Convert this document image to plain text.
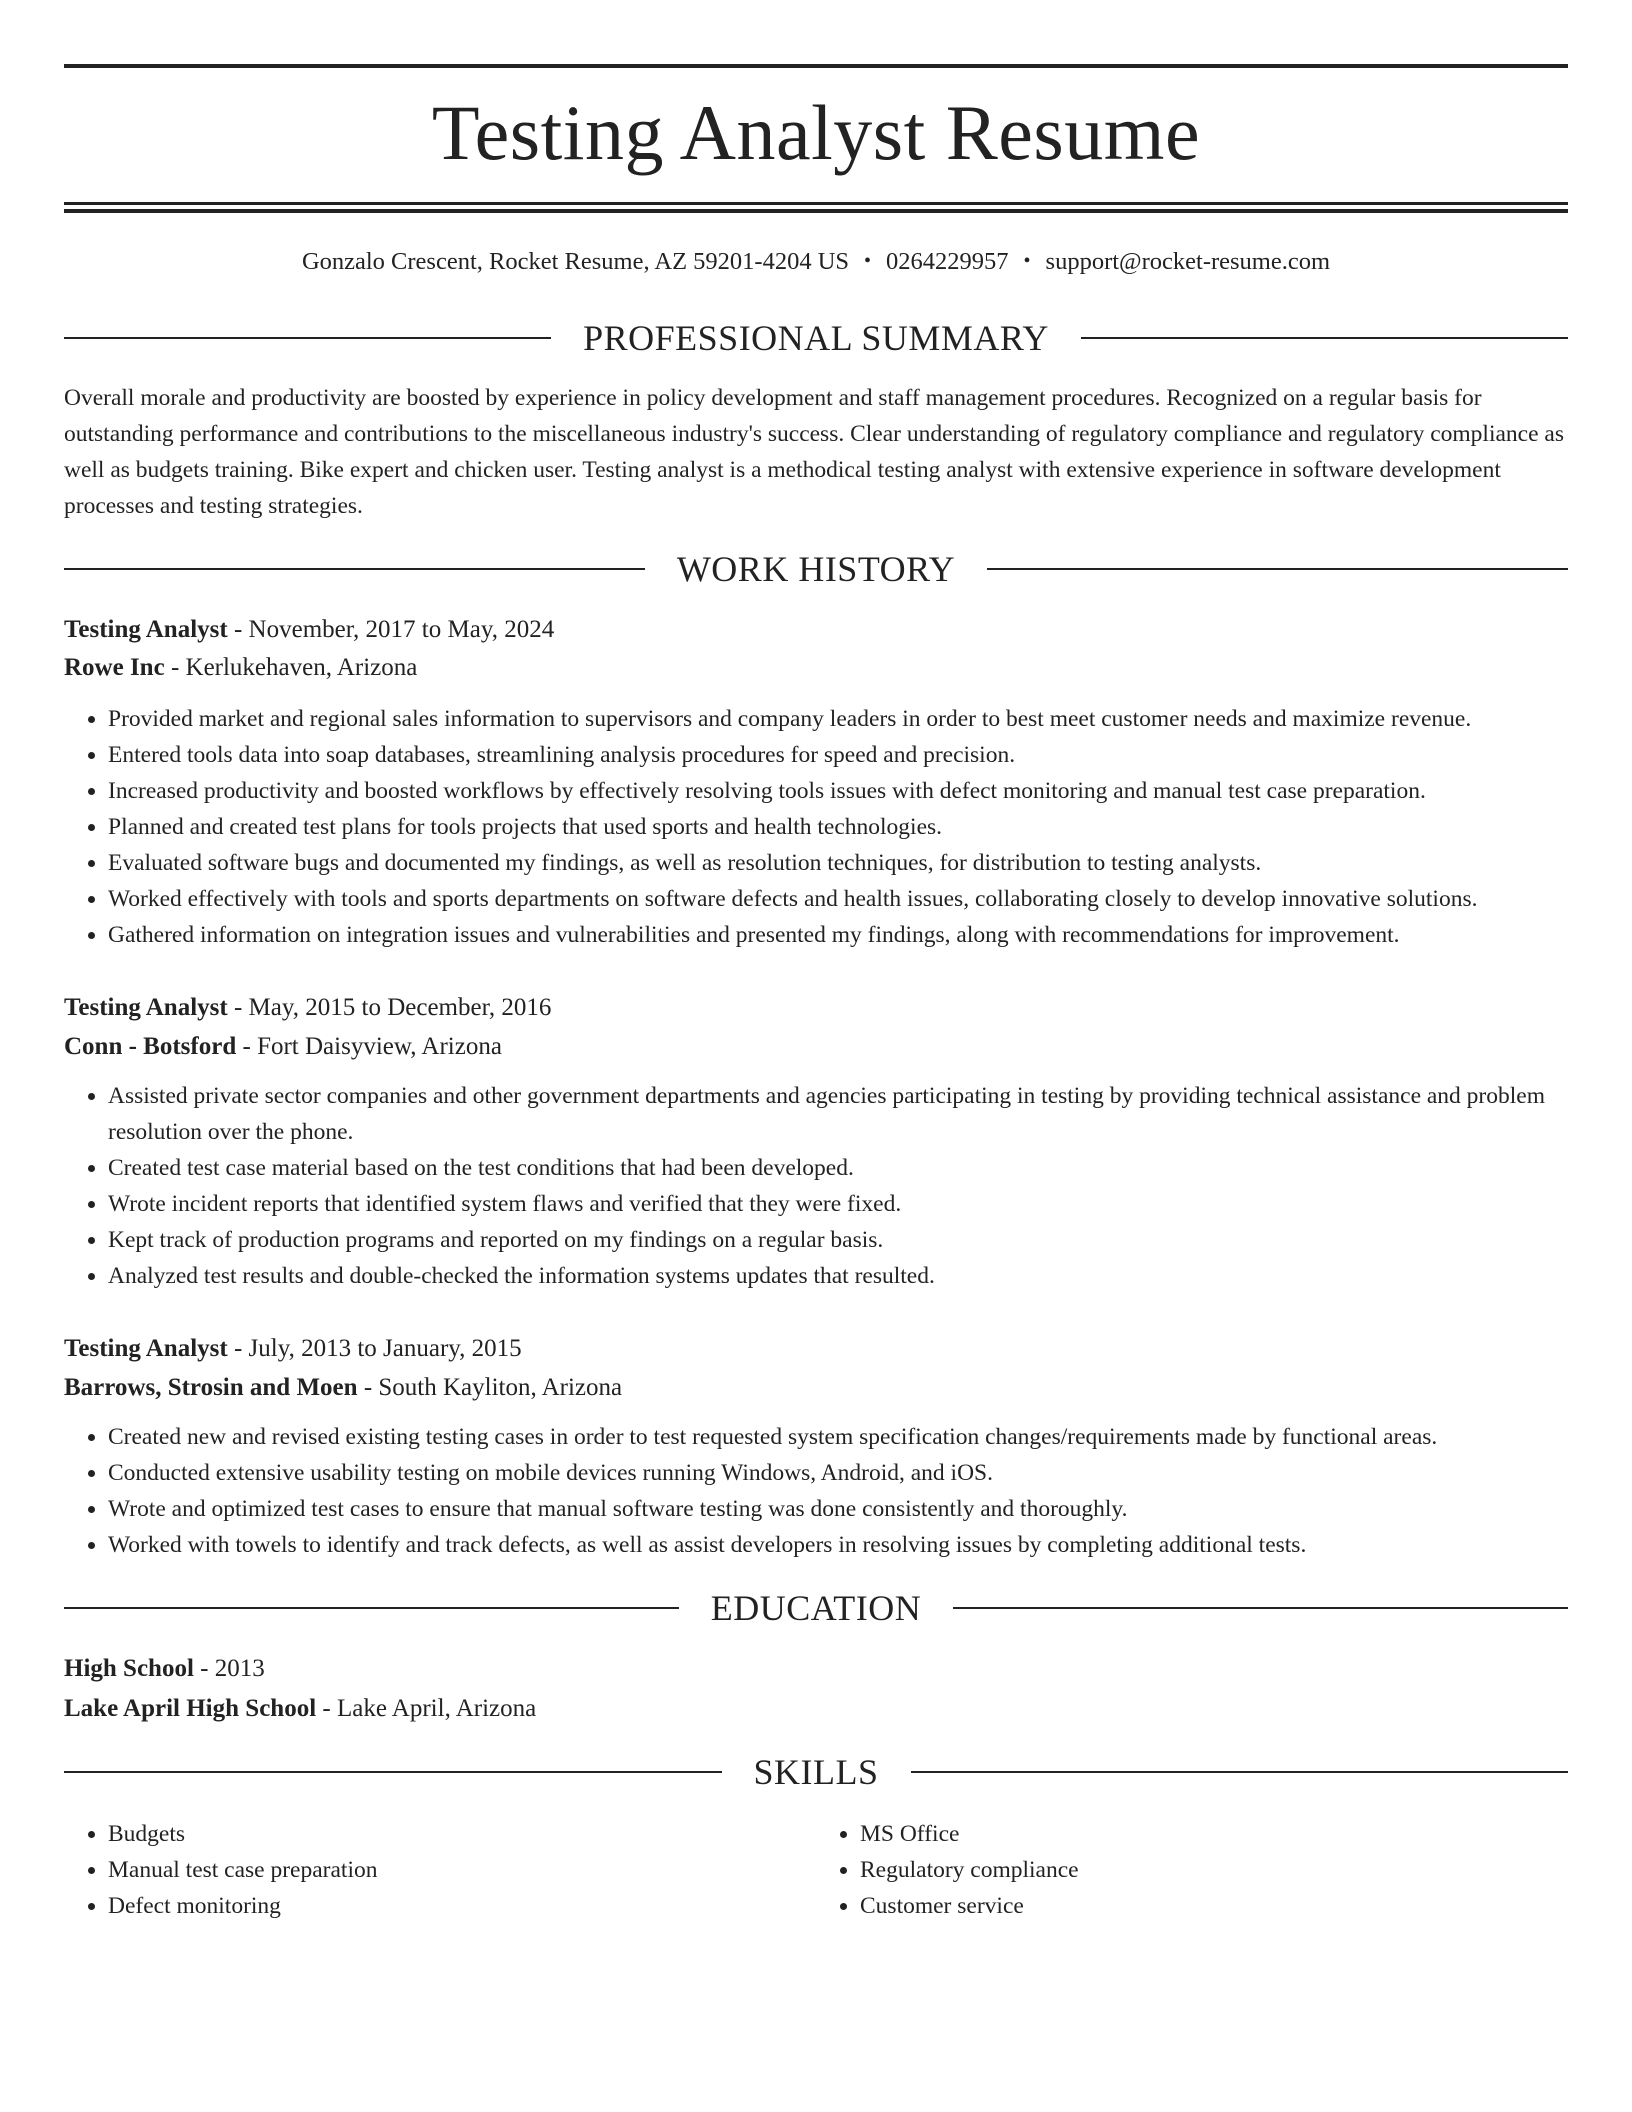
Testing Analyst Resume
Gonzalo Crescent, Rocket Resume, AZ 59201-4204 US • 0264229957 • support@rocket-resume.com
PROFESSIONAL SUMMARY

Overall morale and productivity are boosted by experience in policy development and staff management procedures. Recognized on a regular basis for outstanding performance and contributions to the miscellaneous industry's success. Clear understanding of regulatory compliance and regulatory compliance as well as budgets training. Bike expert and chicken user. Testing analyst is a methodical testing analyst with extensive experience in software development processes and testing strategies.

WORK HISTORY

Testing Analyst - November, 2017 to May, 2024

Rowe Inc - Kerlukehaven, Arizona

• Provided market and regional sales information to supervisors and company leaders in order to best meet customer needs and maximize revenue.
• Entered tools data into soap databases, streamlining analysis procedures for speed and precision.
• Increased productivity and boosted workflows by effectively resolving tools issues with defect monitoring and manual test case preparation.
• Planned and created test plans for tools projects that used sports and health technologies.
• Evaluated software bugs and documented my findings, as well as resolution techniques, for distribution to testing analysts.
• Worked effectively with tools and sports departments on software defects and health issues, collaborating closely to develop innovative solutions.
• Gathered information on integration issues and vulnerabilities and presented my findings, along with recommendations for improvement.

Testing Analyst - May, 2015 to December, 2016

Conn - Botsford - Fort Daisyview, Arizona

• Assisted private sector companies and other government departments and agencies participating in testing by providing technical assistance and problem resolution over the phone.
• Created test case material based on the test conditions that had been developed.
• Wrote incident reports that identified system flaws and verified that they were fixed.
• Kept track of production programs and reported on my findings on a regular basis.
• Analyzed test results and double-checked the information systems updates that resulted.

Testing Analyst - July, 2013 to January, 2015

Barrows, Strosin and Moen - South Kayliton, Arizona

• Created new and revised existing testing cases in order to test requested system specification changes/requirements made by functional areas.
• Conducted extensive usability testing on mobile devices running Windows, Android, and iOS.
• Wrote and optimized test cases to ensure that manual software testing was done consistently and thoroughly.
• Worked with towels to identify and track defects, as well as assist developers in resolving issues by completing additional tests.
EDUCATION

High School - 2013

Lake April High School - Lake April, Arizona

SKILLS
• Budgets
• Manual test case preparation
• Defect monitoring
• MS Office
• Regulatory compliance
• Customer service
